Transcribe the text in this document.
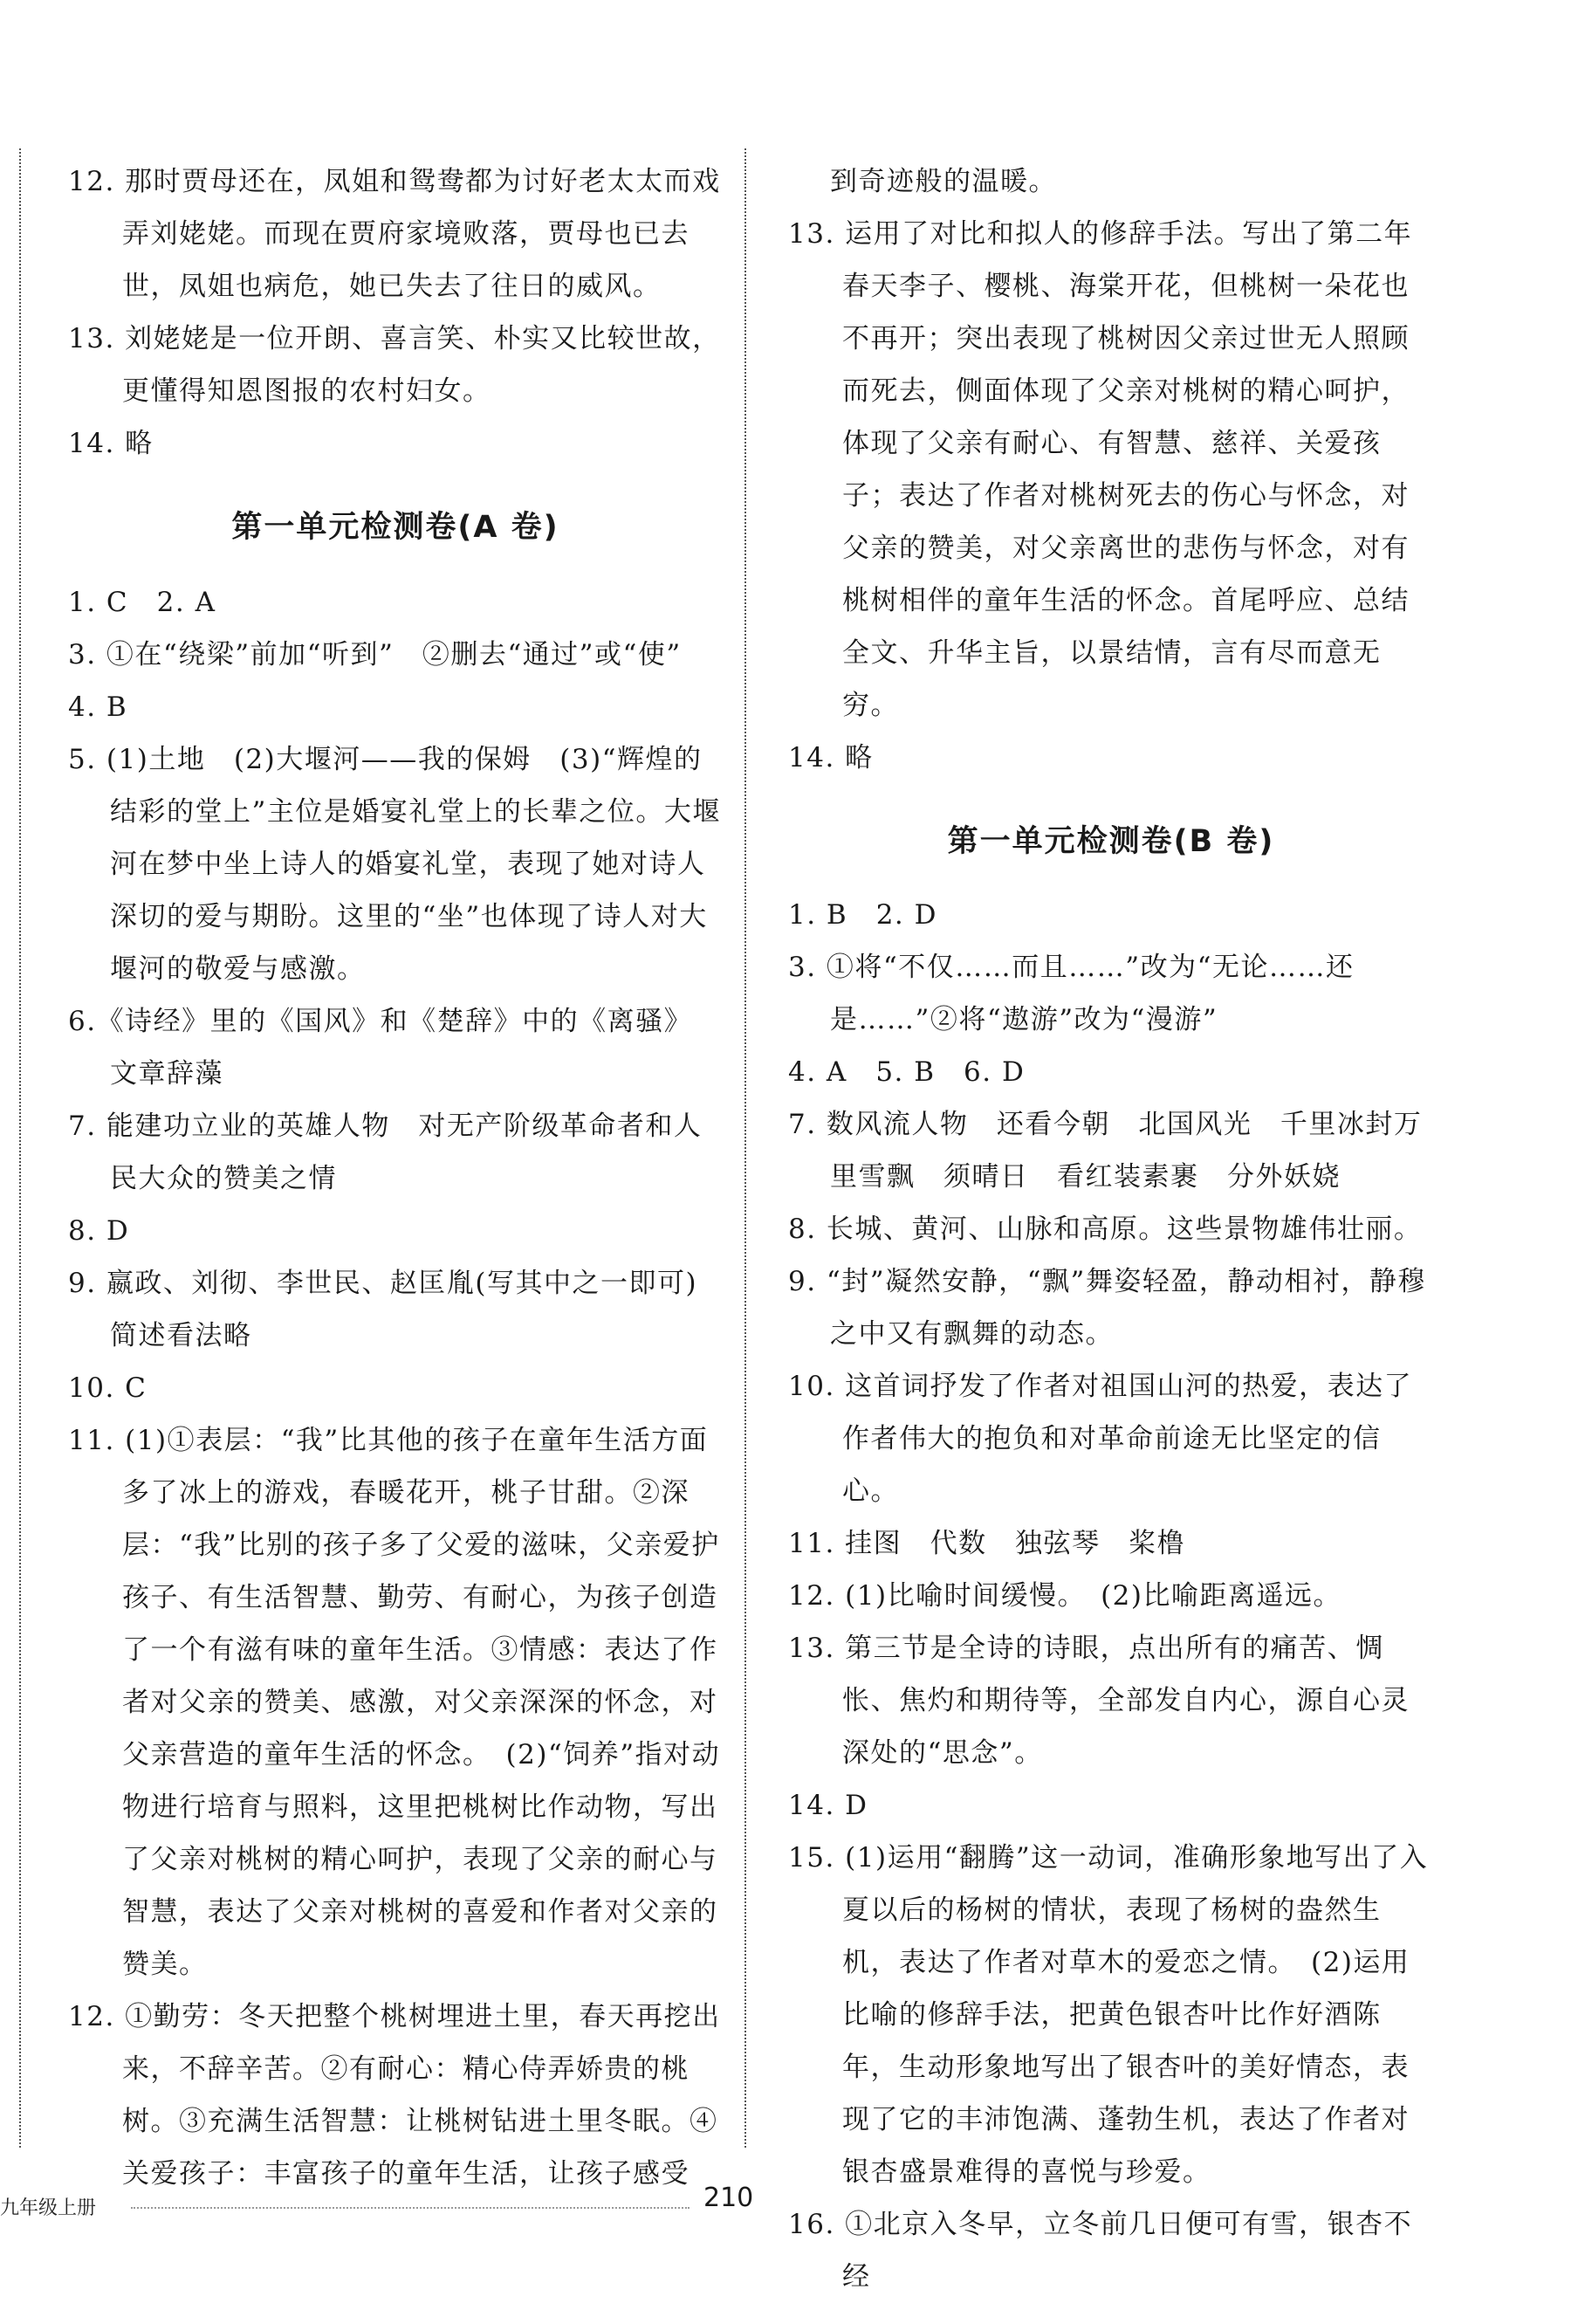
12. 那时贾母还在，凤姐和鸳鸯都为讨好老太太而戏弄刘姥姥。而现在贾府家境败落，贾母也已去世，凤姐也病危，她已失去了往日的威风。

13. 刘姥姥是一位开朗、喜言笑、朴实又比较世故，更懂得知恩图报的农村妇女。

14. 略

第一单元检测卷(A 卷)

1. C　2. A

3. ①在“绕梁”前加“听到”　②删去“通过”或“使”

4. B

5. (1)土地　(2)大堰河——我的保姆　(3)“辉煌的结彩的堂上”主位是婚宴礼堂上的长辈之位。大堰河在梦中坐上诗人的婚宴礼堂，表现了她对诗人深切的爱与期盼。这里的“坐”也体现了诗人对大堰河的敬爱与感激。

6.《诗经》里的《国风》和《楚辞》中的《离骚》　文章辞藻

7. 能建功立业的英雄人物　对无产阶级革命者和人民大众的赞美之情

8. D

9. 嬴政、刘彻、李世民、赵匡胤(写其中之一即可)简述看法略

10. C

11. (1)①表层：“我”比其他的孩子在童年生活方面多了冰上的游戏，春暖花开，桃子甘甜。②深层：“我”比别的孩子多了父爱的滋味，父亲爱护孩子、有生活智慧、勤劳、有耐心，为孩子创造了一个有滋有味的童年生活。③情感：表达了作者对父亲的赞美、感激，对父亲深深的怀念，对父亲营造的童年生活的怀念。　(2)“饲养”指对动物进行培育与照料，这里把桃树比作动物，写出了父亲对桃树的精心呵护，表现了父亲的耐心与智慧，表达了父亲对桃树的喜爱和作者对父亲的赞美。

12. ①勤劳：冬天把整个桃树埋进土里，春天再挖出来，不辞辛苦。②有耐心：精心侍弄娇贵的桃树。③充满生活智慧：让桃树钻进土里冬眠。④关爱孩子：丰富孩子的童年生活，让孩子感受

到奇迹般的温暖。

13. 运用了对比和拟人的修辞手法。写出了第二年春天李子、樱桃、海棠开花，但桃树一朵花也不再开；突出表现了桃树因父亲过世无人照顾而死去，侧面体现了父亲对桃树的精心呵护，体现了父亲有耐心、有智慧、慈祥、关爱孩子；表达了作者对桃树死去的伤心与怀念，对父亲的赞美，对父亲离世的悲伤与怀念，对有桃树相伴的童年生活的怀念。首尾呼应、总结全文、升华主旨，以景结情，言有尽而意无穷。

14. 略

第一单元检测卷(B 卷)

1. B　2. D

3. ①将“不仅……而且……”改为“无论……还是……”②将“遨游”改为“漫游”

4. A　5. B　6. D

7. 数风流人物　还看今朝　北国风光　千里冰封万里雪飘　须晴日　看红装素裹　分外妖娆

8. 长城、黄河、山脉和高原。这些景物雄伟壮丽。

9. “封”凝然安静，“飘”舞姿轻盈，静动相衬，静穆之中又有飘舞的动态。

10. 这首词抒发了作者对祖国山河的热爱，表达了作者伟大的抱负和对革命前途无比坚定的信心。

11. 挂图　代数　独弦琴　桨橹

12. (1)比喻时间缓慢。　(2)比喻距离遥远。

13. 第三节是全诗的诗眼，点出所有的痛苦、惆怅、焦灼和期待等，全部发自内心，源自心灵深处的“思念”。

14. D

15. (1)运用“翻腾”这一动词，准确形象地写出了入夏以后的杨树的情状，表现了杨树的盎然生机，表达了作者对草木的爱恋之情。　(2)运用比喻的修辞手法，把黄色银杏叶比作好酒陈年，生动形象地写出了银杏叶的美好情态，表现了它的丰沛饱满、蓬勃生机，表达了作者对银杏盛景难得的喜悦与珍爱。

16. ①北京入冬早，立冬前几日便可有雪，银杏不经

九年级上册	210
